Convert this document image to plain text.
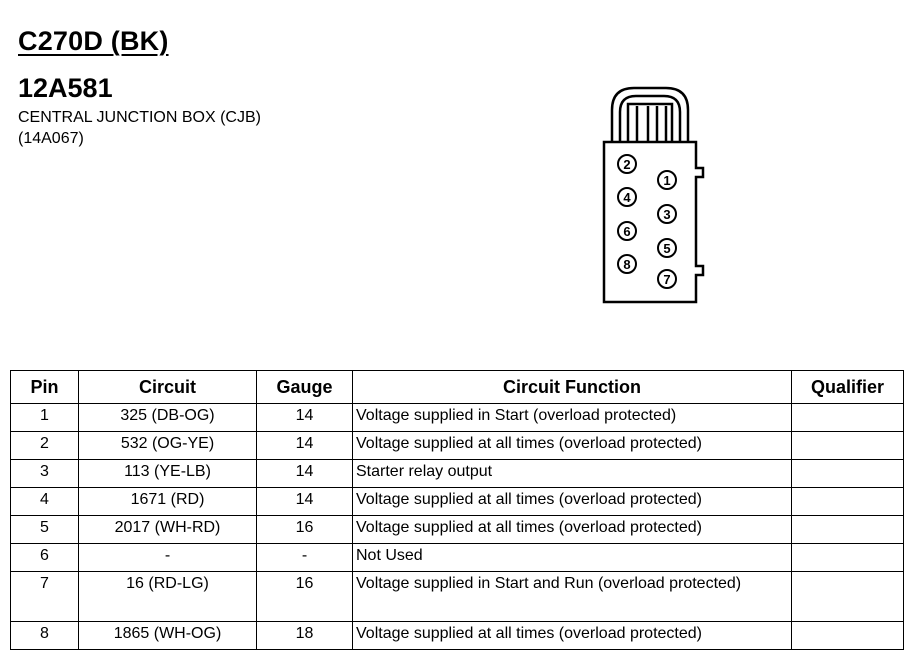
C270D (BK)
12A581
CENTRAL JUNCTION BOX (CJB)
(14A067)
1
2
3
4
5
6
7
8
Pin	Circuit	Gauge	Circuit Function	Qualifier
1	325 (DB-OG)	14	Voltage supplied in Start (overload protected)	
2	532 (OG-YE)	14	Voltage supplied at all times (overload protected)	
3	113 (YE-LB)	14	Starter relay output	
4	1671 (RD)	14	Voltage supplied at all times (overload protected)	
5	2017 (WH-RD)	16	Voltage supplied at all times (overload protected)	
6	-	-	Not Used	
7	16 (RD-LG)	16	Voltage supplied in Start and Run (overload protected)	
8	1865 (WH-OG)	18	Voltage supplied at all times (overload protected)	
